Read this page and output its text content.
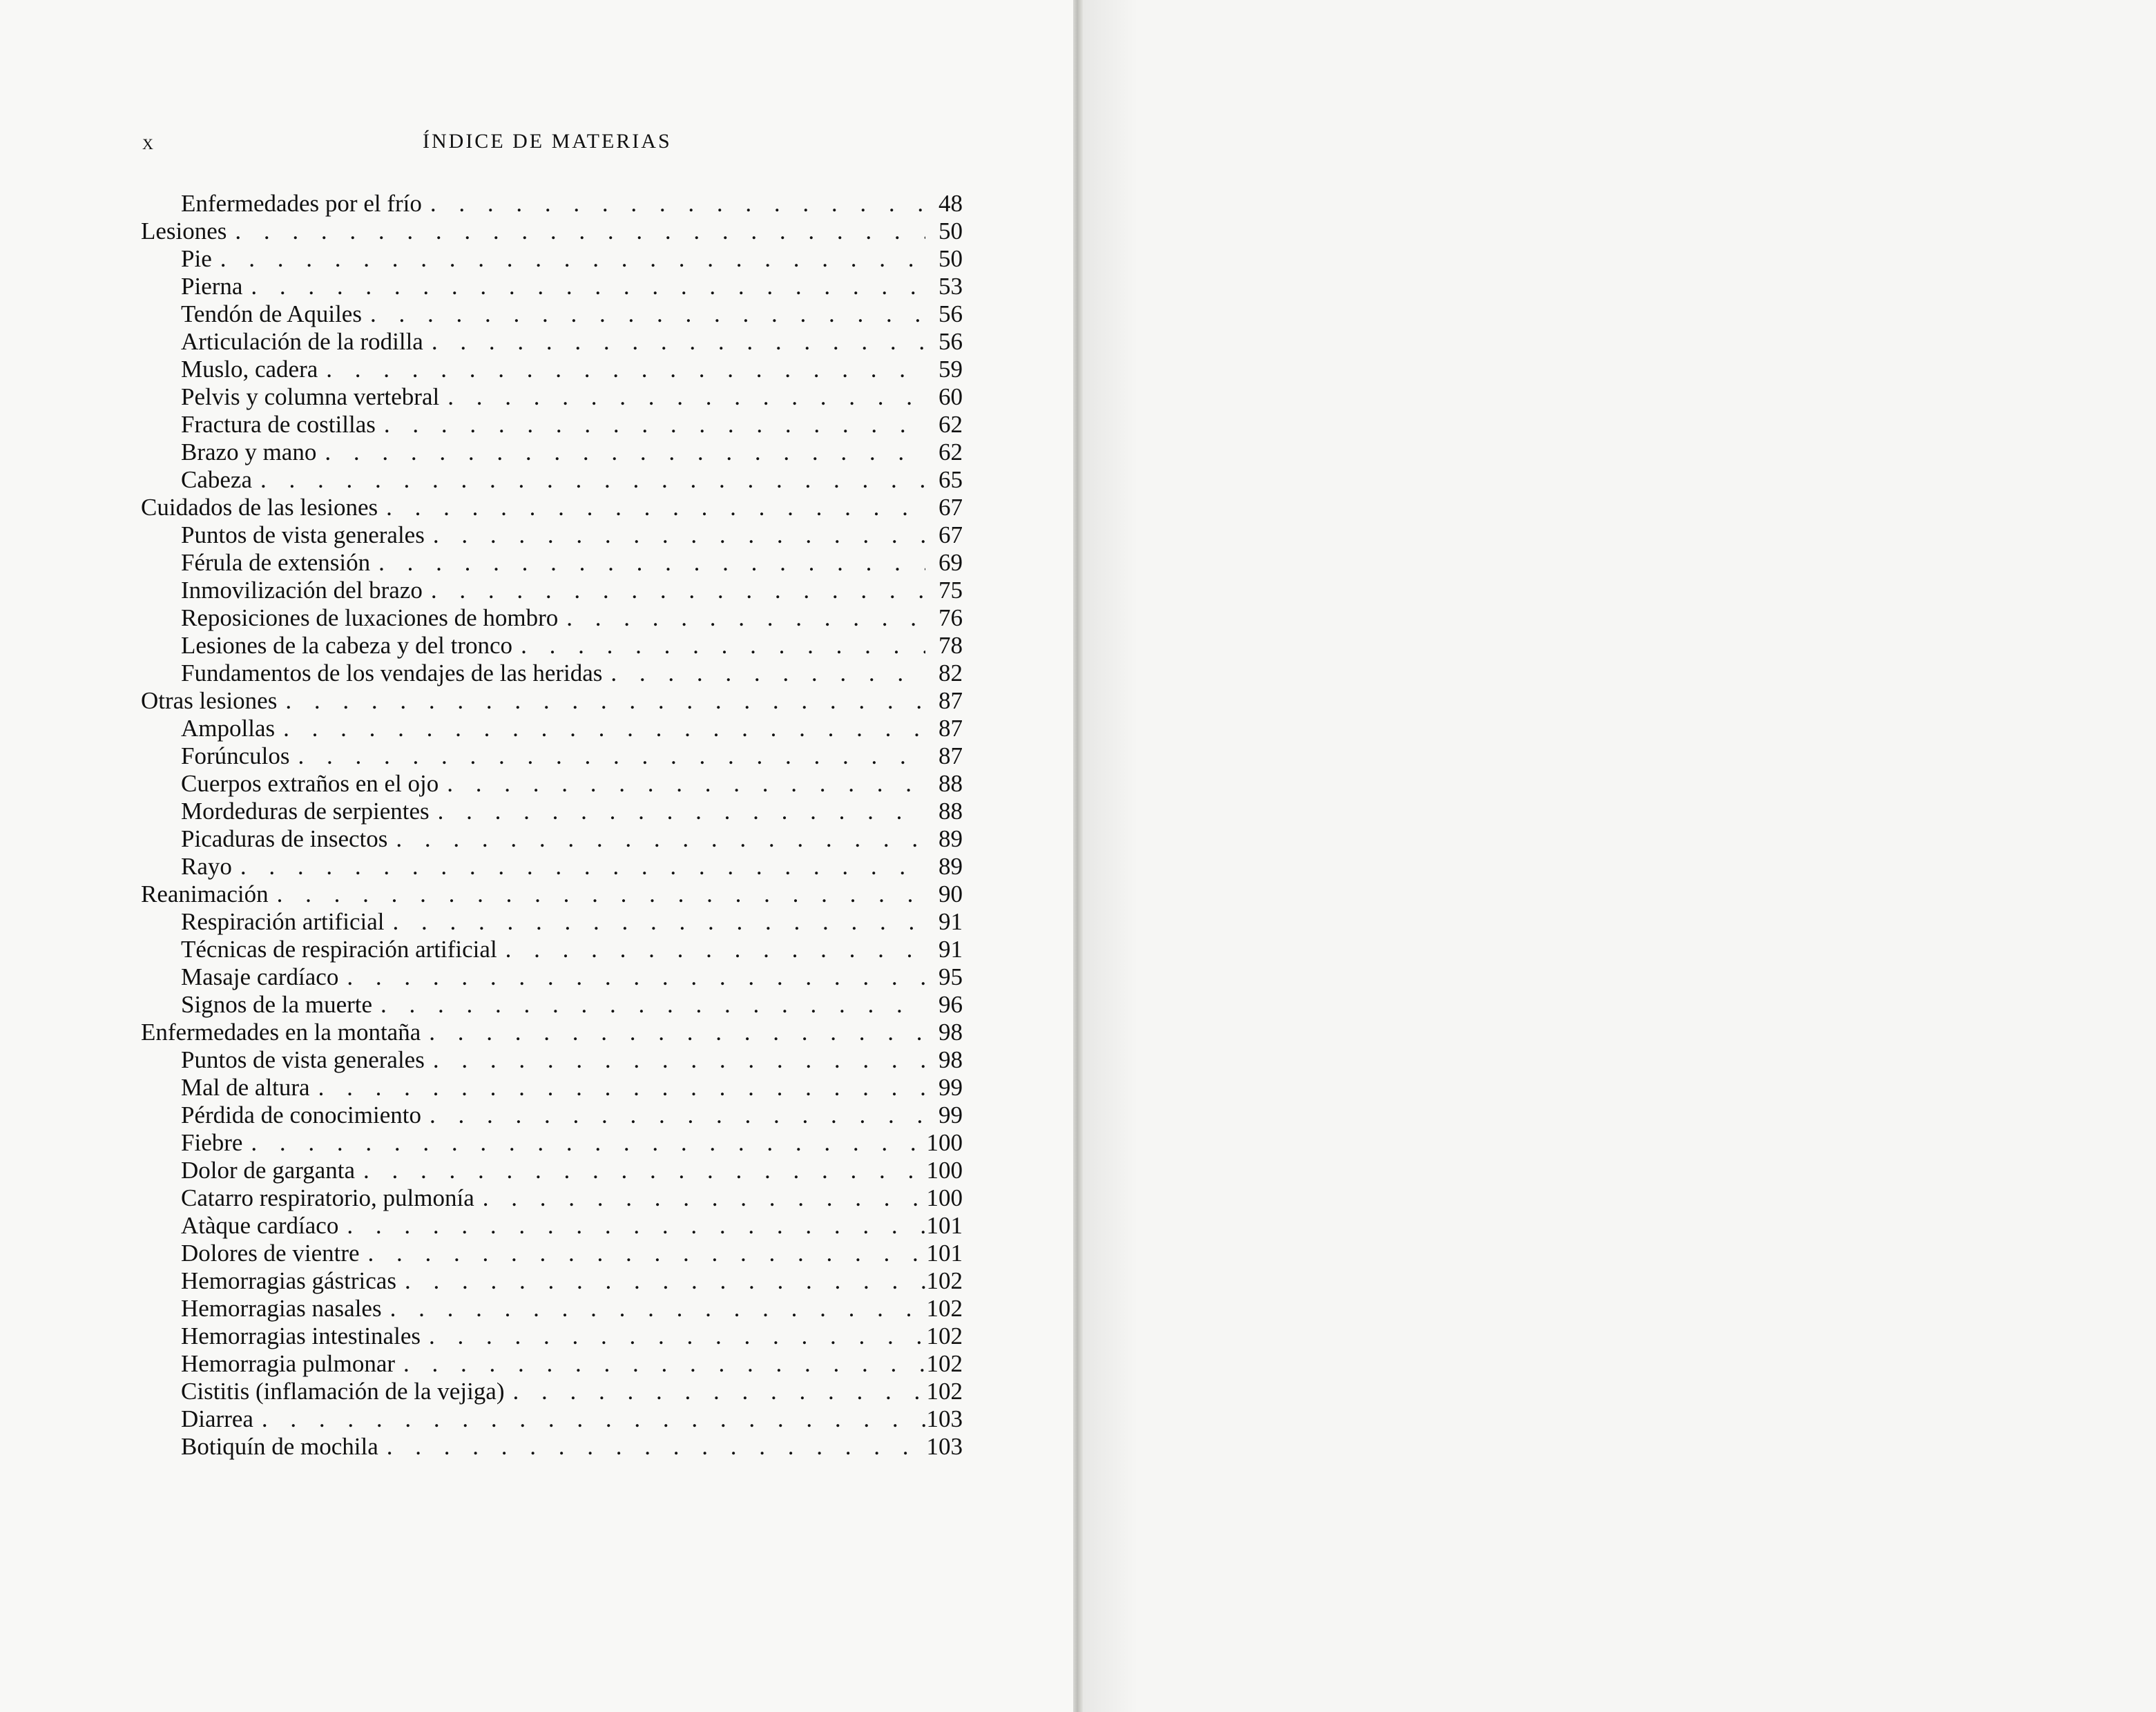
x	ÍNDICE DE MATERIAS
Enfermedades por el frío . . .	48
Lesiones . . .	50
Pie . . .	50
Pierna . . .	53
Tendón de Aquiles . . .	56
Articulación de la rodilla . . .	56
Muslo, cadera . . .	59
Pelvis y columna vertebral . . .	60
Fractura de costillas . . .	62
Brazo y mano . . .	62
Cabeza . . .	65
Cuidados de las lesiones . . .	67
Puntos de vista generales . . .	67
Férula de extensión . . .	69
Inmovilización del brazo . . .	75
Reposiciones de luxaciones de hombro . . .	76
Lesiones de la cabeza y del tronco . . .	78
Fundamentos de los vendajes de las heridas . . .	82
Otras lesiones . . .	87
Ampollas . . .	87
Forúnculos . . .	87
Cuerpos extraños en el ojo . . .	88
Mordeduras de serpientes . . .	88
Picaduras de insectos . . .	89
Rayo . . .	89
Reanimación . . .	90
Respiración artificial . . .	91
Técnicas de respiración artificial . . .	91
Masaje cardíaco . . .	95
Signos de la muerte . . .	96
Enfermedades en la montaña . . .	98
Puntos de vista generales . . .	98
Mal de altura . . .	99
Pérdida de conocimiento . . .	99
Fiebre . . .	100
Dolor de garganta . . .	100
Catarro respiratorio, pulmonía . . .	100
Atàque cardíaco . . .	101
Dolores de vientre . . .	101
Hemorragias gástricas . . .	102
Hemorragias nasales . . .	102
Hemorragias intestinales . . .	102
Hemorragia pulmonar . . .	102
Cistitis (inflamación de la vejiga) . . .	102
Diarrea . . .	103
Botiquín de mochila . . .	103
